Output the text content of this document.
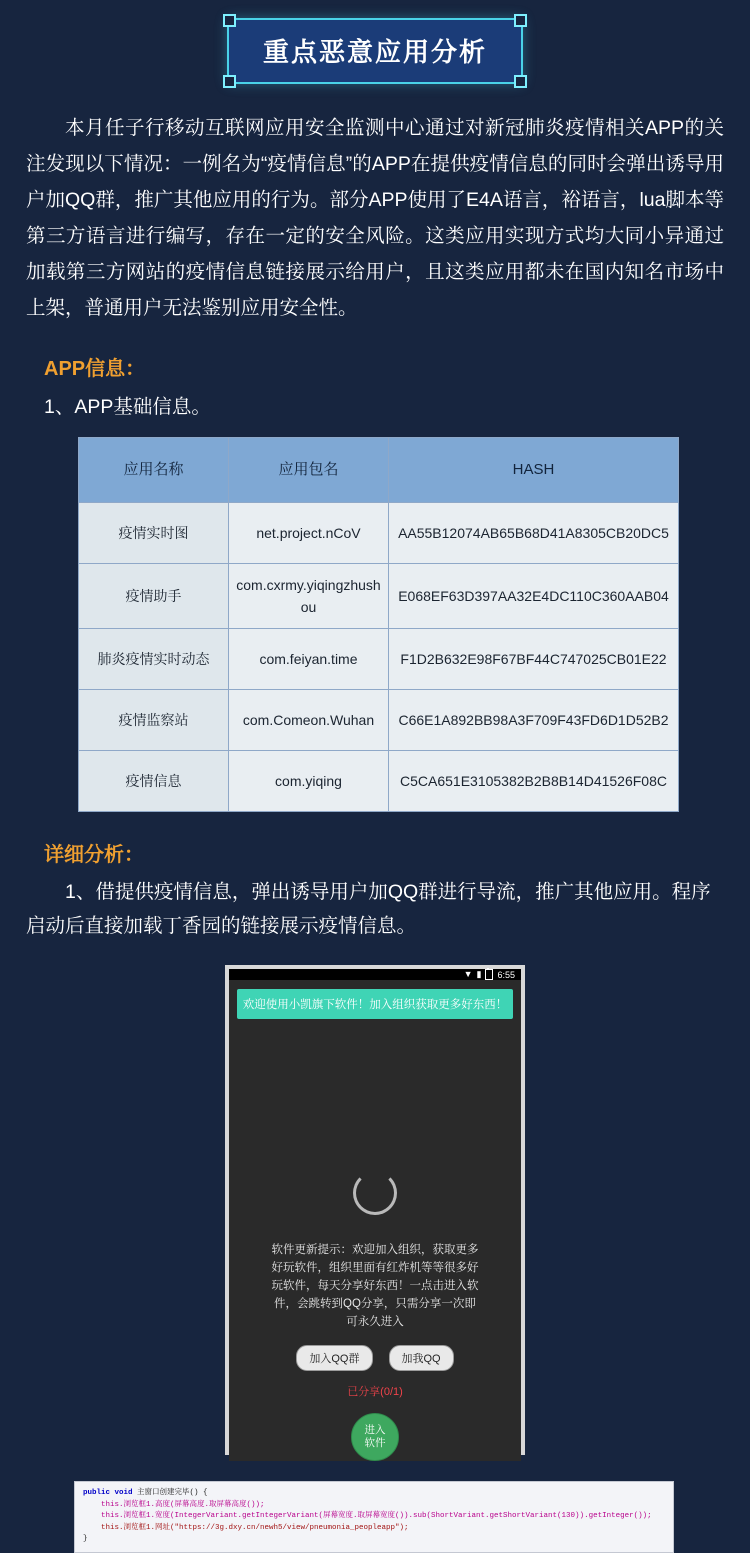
重点恶意应用分析

本月任子行移动互联网应用安全监测中心通过对新冠肺炎疫情相关APP的关注发现以下情况：一例名为“疫情信息”的APP在提供疫情信息的同时会弹出诱导用户加QQ群，推广其他应用的行为。部分APP使用了E4A语言，裕语言，lua脚本等第三方语言进行编写，存在一定的安全风险。这类应用实现方式均大同小异通过加载第三方网站的疫情信息链接展示给用户，且这类应用都未在国内知名市场中上架，普通用户无法鉴别应用安全性。

APP信息：
1、APP基础信息。
应用名称	应用包名	HASH
疫情实时图	net.project.nCoV	AA55B12074AB65B68D41A8305CB20DC5
疫情助手	com.cxrmy.yiqingzhushou	E068EF63D397AA32E4DC110C360AAB04
肺炎疫情实时动态	com.feiyan.time	F1D2B632E98F67BF44C747025CB01E22
疫情监察站	com.Comeon.Wuhan	C66E1A892BB98A3F709F43FD6D1D52B2
疫情信息	com.yiqing	C5CA651E3105382B2B8B14D41526F08C
详细分析：

1、借提供疫情信息，弹出诱导用户加QQ群进行导流，推广其他应用。程序启动后直接加载丁香园的链接展示疫情信息。

▼ ▮ 6:55
欢迎使用小凯旗下软件！加入组织获取更多好东西！
软件更新提示：欢迎加入组织，获取更多好玩软件，组织里面有红炸机等等很多好玩软件，每天分享好东西！一点击进入软件，会跳转到QQ分享，只需分享一次即可永久进入
加入QQ群	加我QQ
已分享(0/1)
进入
软件
public void 主窗口创建完毕() {
this.浏览框1.高度(屏幕高度.取屏幕高度());
this.浏览框1.宽度(IntegerVariant.getIntegerVariant(屏幕宽度.取屏幕宽度()).sub(ShortVariant.getShortVariant(130)).getInteger());
this.浏览框1.网址("https://3g.dxy.cn/newh5/view/pneumonia_peopleapp");
}
